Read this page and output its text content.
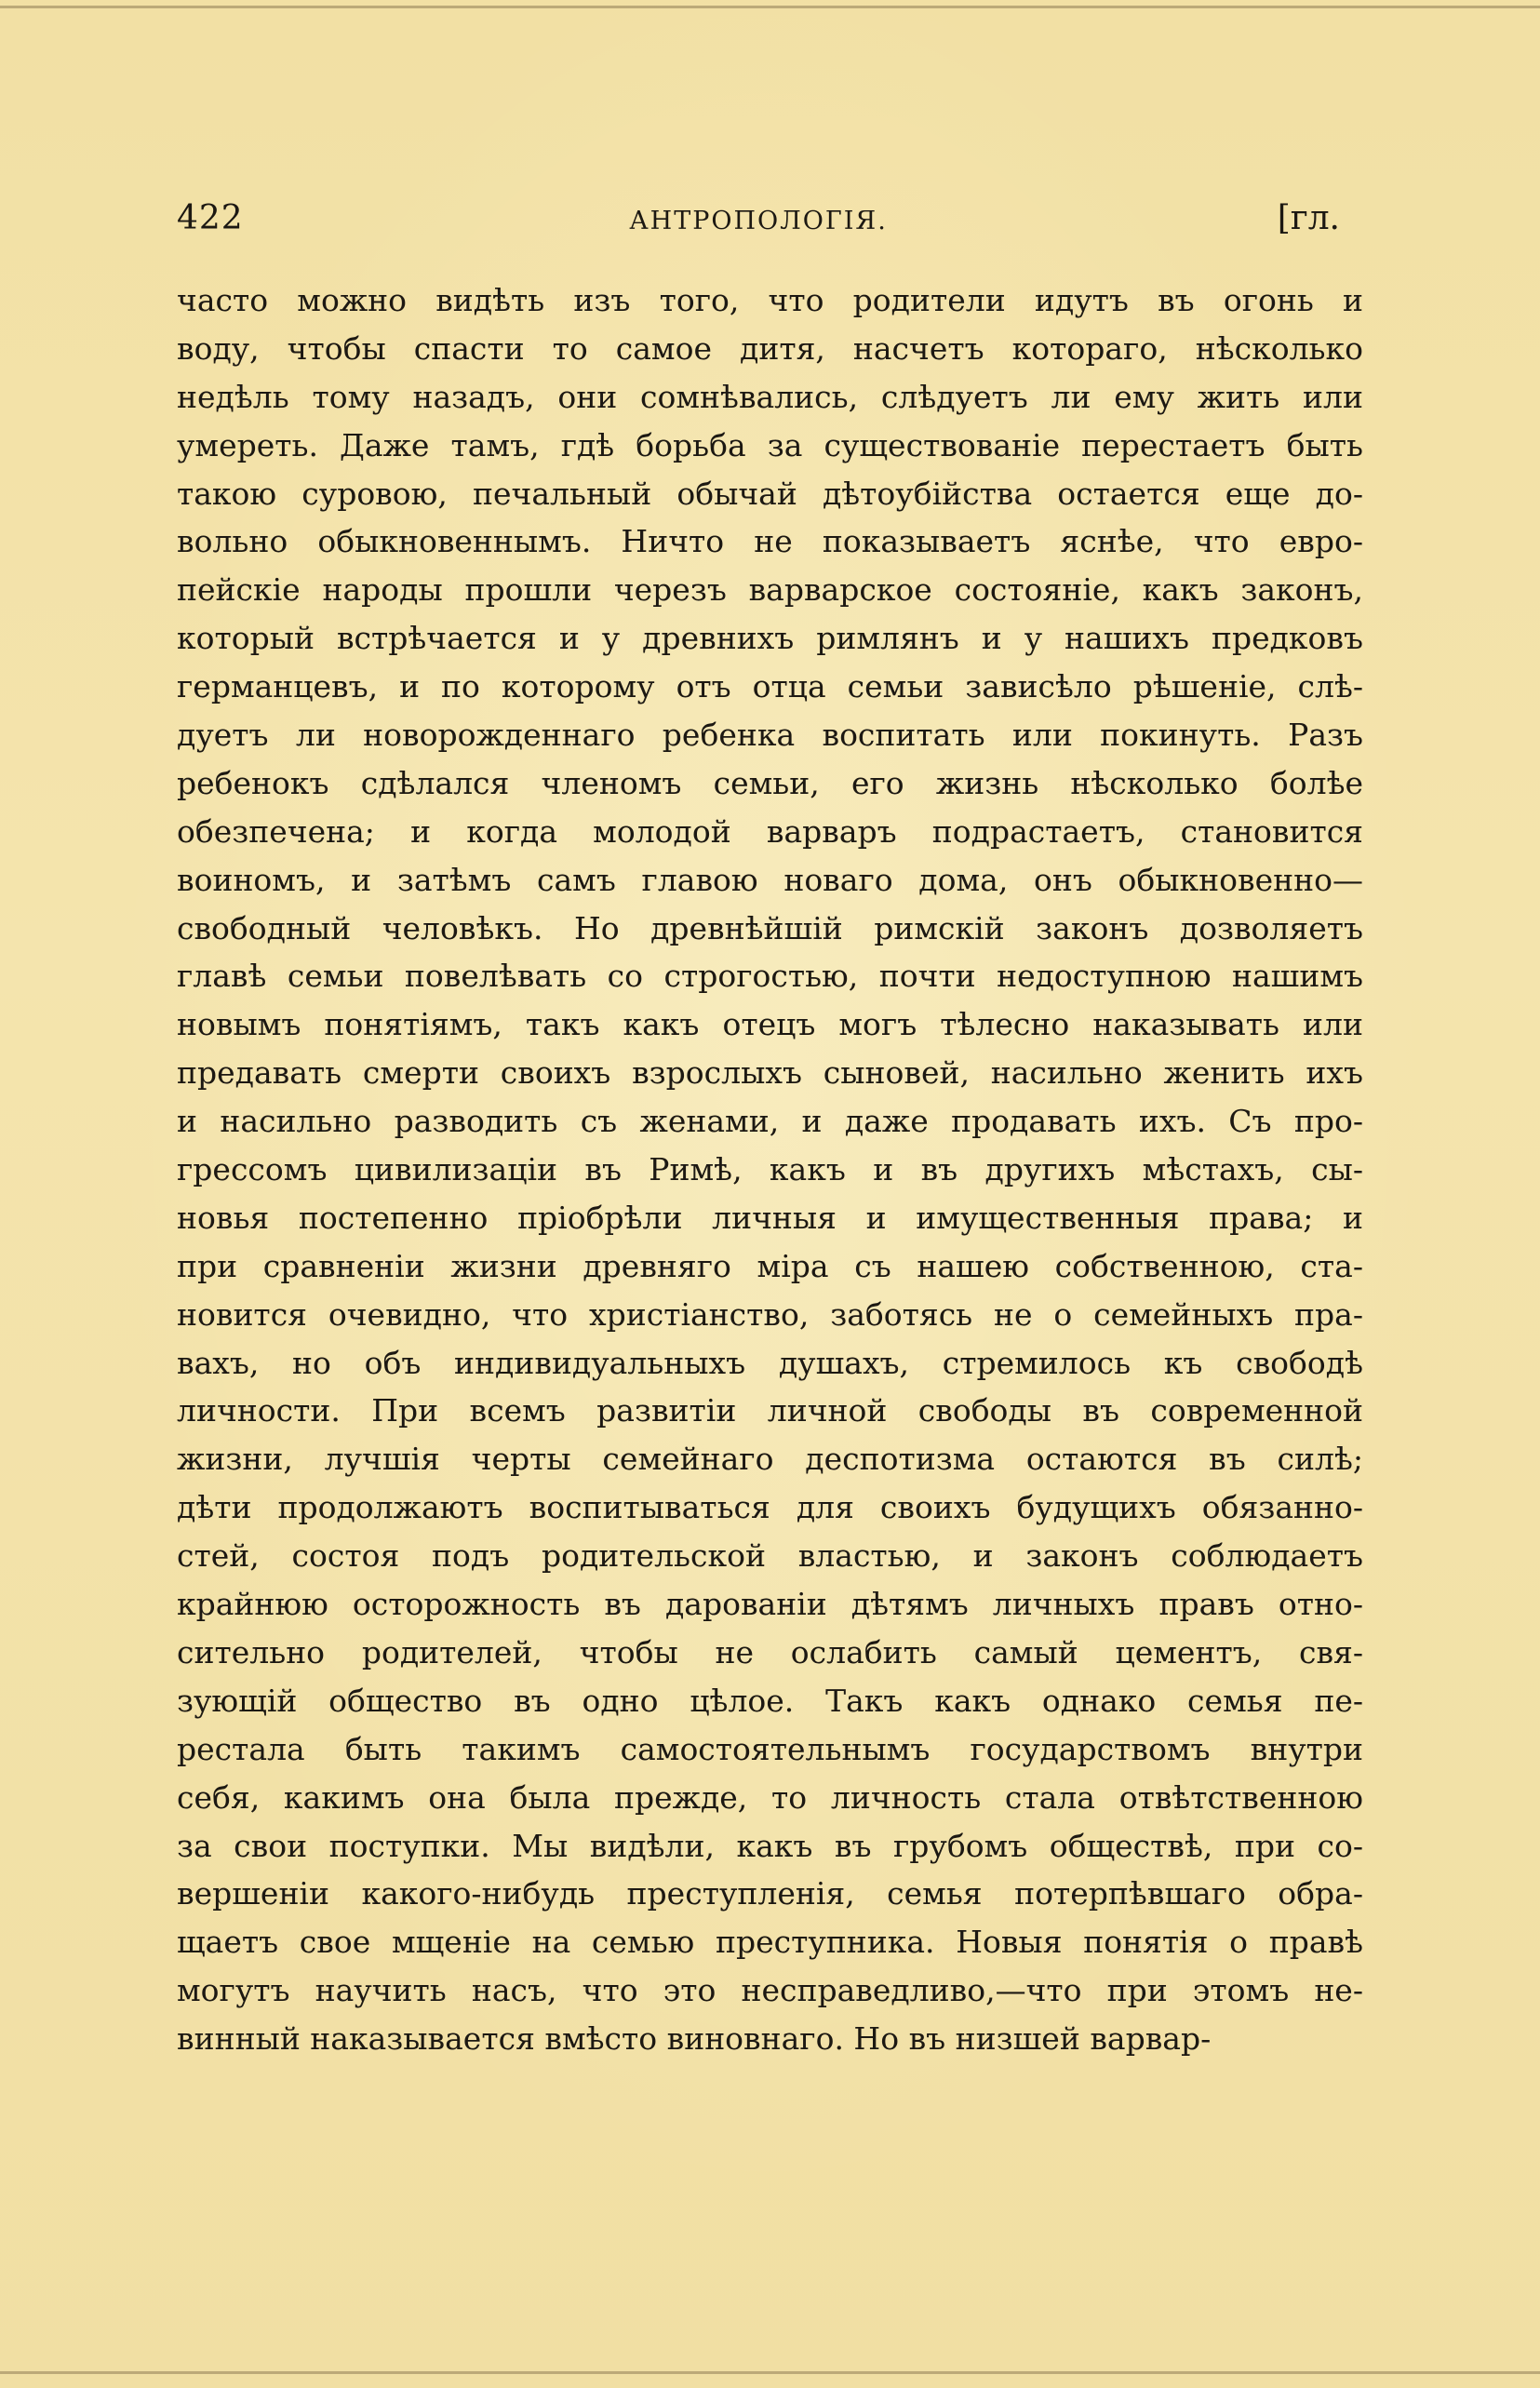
422	АНТРОПОЛОГІЯ.	[гл.
часто можно видѣть изъ того, что родители идутъ въ огонь и
воду, чтобы спасти то самое дитя, насчетъ котораго, нѣсколько
недѣль тому назадъ, они сомнѣвались, слѣдуетъ ли ему жить или
умереть. Даже тамъ, гдѣ борьба за существованіе перестаетъ быть
такою суровою, печальный обычай дѣтоубійства остается еще до-
вольно обыкновеннымъ. Ничто не показываетъ яснѣе, что евро-
пейскіе народы прошли черезъ варварское состояніе, какъ законъ,
который встрѣчается и у древнихъ римлянъ и у нашихъ предковъ
германцевъ, и по которому отъ отца семьи зависѣло рѣшеніе, слѣ-
дуетъ ли новорожденнаго ребенка воспитать или покинуть. Разъ
ребенокъ сдѣлался членомъ семьи, его жизнь нѣсколько болѣе
обезпечена; и когда молодой варваръ подрастаетъ, становится
воиномъ, и затѣмъ самъ главою новаго дома, онъ обыкновенно—
свободный человѣкъ. Но древнѣйшій римскій законъ дозволяетъ
главѣ семьи повелѣвать со строгостью, почти недоступною нашимъ
новымъ понятіямъ, такъ какъ отецъ могъ тѣлесно наказывать или
предавать смерти своихъ взрослыхъ сыновей, насильно женить ихъ
и насильно разводить съ женами, и даже продавать ихъ. Съ про-
грессомъ цивилизаціи въ Римѣ, какъ и въ другихъ мѣстахъ, сы-
новья постепенно пріобрѣли личныя и имущественныя права; и
при сравненіи жизни древняго міра съ нашею собственною, ста-
новится очевидно, что христіанство, заботясь не о семейныхъ пра-
вахъ, но объ индивидуальныхъ душахъ, стремилось къ свободѣ
личности. При всемъ развитіи личной свободы въ современной
жизни, лучшія черты семейнаго деспотизма остаются въ силѣ;
дѣти продолжаютъ воспитываться для своихъ будущихъ обязанно-
стей, состоя подъ родительской властью, и законъ соблюдаетъ
крайнюю осторожность въ дарованіи дѣтямъ личныхъ правъ отно-
сительно родителей, чтобы не ослабить самый цементъ, свя-
зующій общество въ одно цѣлое. Такъ какъ однако семья пе-
рестала быть такимъ самостоятельнымъ государствомъ внутри
себя, какимъ она была прежде, то личность стала отвѣтственною
за свои поступки. Мы видѣли, какъ въ грубомъ обществѣ, при со-
вершеніи какого-нибудь преступленія, семья потерпѣвшаго обра-
щаетъ свое мщеніе на семью преступника. Новыя понятія о правѣ
могутъ научить насъ, что это несправедливо,—что при этомъ не-
винный наказывается вмѣсто виновнаго. Но въ низшей варвар-
